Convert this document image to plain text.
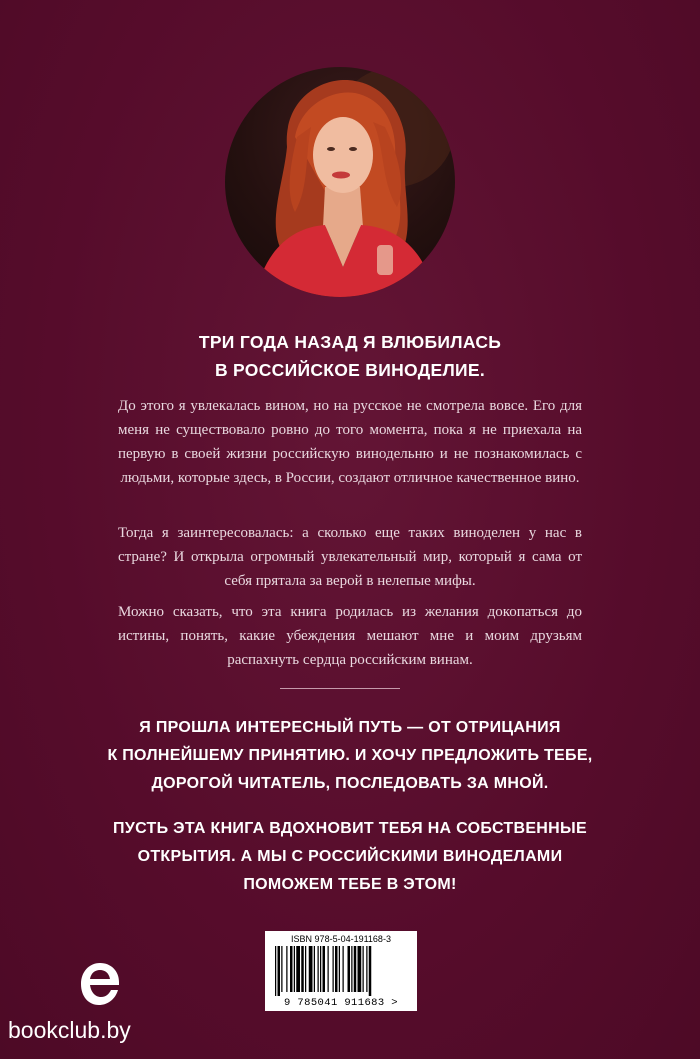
ТРИ ГОДА НАЗАД Я ВЛЮБИЛАСЬ
В РОССИЙСКОЕ ВИНОДЕЛИЕ.
До этого я увлекалась вином, но на русское не смотрела вовсе. Его для меня не существовало ровно до того момента, пока я не приехала на первую в своей жизни российскую винодельню и не познакомилась с людьми, которые здесь, в России, создают отличное качественное вино.
Тогда я заинтересовалась: а сколько еще таких виноделен у нас в стране? И открыла огромный увлекательный мир, который я сама от себя прятала за верой в нелепые мифы.
Можно сказать, что эта книга родилась из желания докопаться до истины, понять, какие убеждения мешают мне и моим друзьям распахнуть сердца российским винам.
Я ПРОШЛА ИНТЕРЕСНЫЙ ПУТЬ — ОТ ОТРИЦАНИЯ
К ПОЛНЕЙШЕМУ ПРИНЯТИЮ. И ХОЧУ ПРЕДЛОЖИТЬ ТЕБЕ,
ДОРОГОЙ ЧИТАТЕЛЬ, ПОСЛЕДОВАТЬ ЗА МНОЙ.
ПУСТЬ ЭТА КНИГА ВДОХНОВИТ ТЕБЯ НА СОБСТВЕННЫЕ
ОТКРЫТИЯ. А МЫ С РОССИЙСКИМИ ВИНОДЕЛАМИ
ПОМОЖЕМ ТЕБЕ В ЭТОМ!
ISBN 978-5-04-191168-3
9 785041 911683 >
bookclub.by
